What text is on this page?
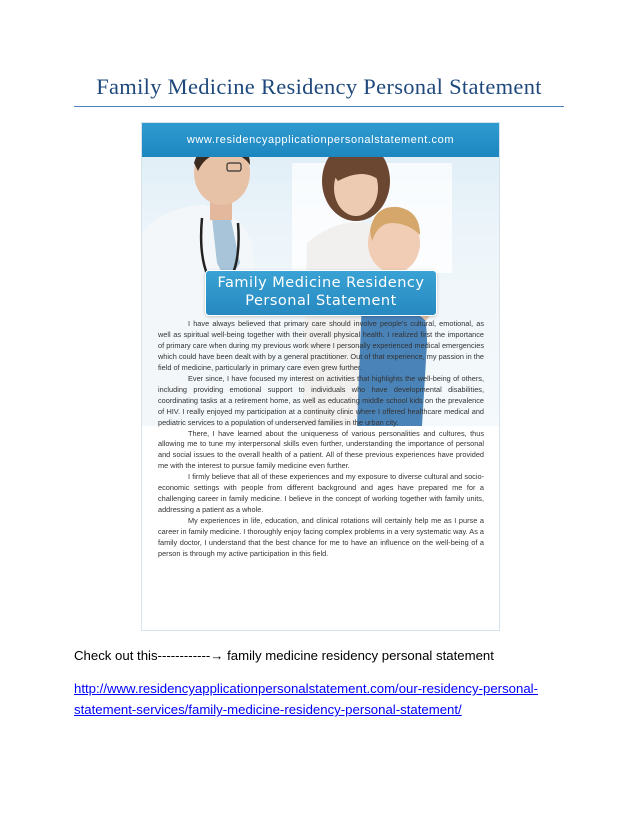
Family Medicine Residency Personal Statement
www.residencyapplicationpersonalstatement.com
Family Medicine Residency
Personal Statement

I have always believed that primary care should involve people's cultural, emotional, as well as spiritual well-being together with their overall physical health. I realized first the importance of primary care when during my previous work where I personally experienced medical emergencies which could have been dealt with by a general practitioner. Out of that experience, my passion in the field of medicine, particularly in primary care even grew further.

Ever since, I have focused my interest on activities that highlights the well-being of others, including providing emotional support to individuals who have developmental disabilities, coordinating tasks at a retirement home, as well as educating middle school kids on the prevalence of HIV. I really enjoyed my participation at a continuity clinic where I offered healthcare medical and pediatric services to a population of underserved families in the urban city.

There, I have learned about the uniqueness of various personalities and cultures, thus allowing me to tune my interpersonal skills even further, understanding the importance of personal and social issues to the overall health of a patient. All of these previous experiences have provided me with the interest to pursue family medicine even further.

I firmly believe that all of these experiences and my exposure to diverse cultural and socio-economic settings with people from different background and ages have prepared me for a challenging career in family medicine. I believe in the concept of working together with family units, addressing a patient as a whole.

My experiences in life, education, and clinical rotations will certainly help me as I purse a career in family medicine. I thoroughly enjoy facing complex problems in a very systematic way. As a family doctor, I understand that the best chance for me to have an influence on the well-being of a person is through my active participation in this field.

Check out this------------→ family medicine residency personal statement
http://www.residencyapplicationpersonalstatement.com/our-residency-personal-
statement-services/family-medicine-residency-personal-statement/
